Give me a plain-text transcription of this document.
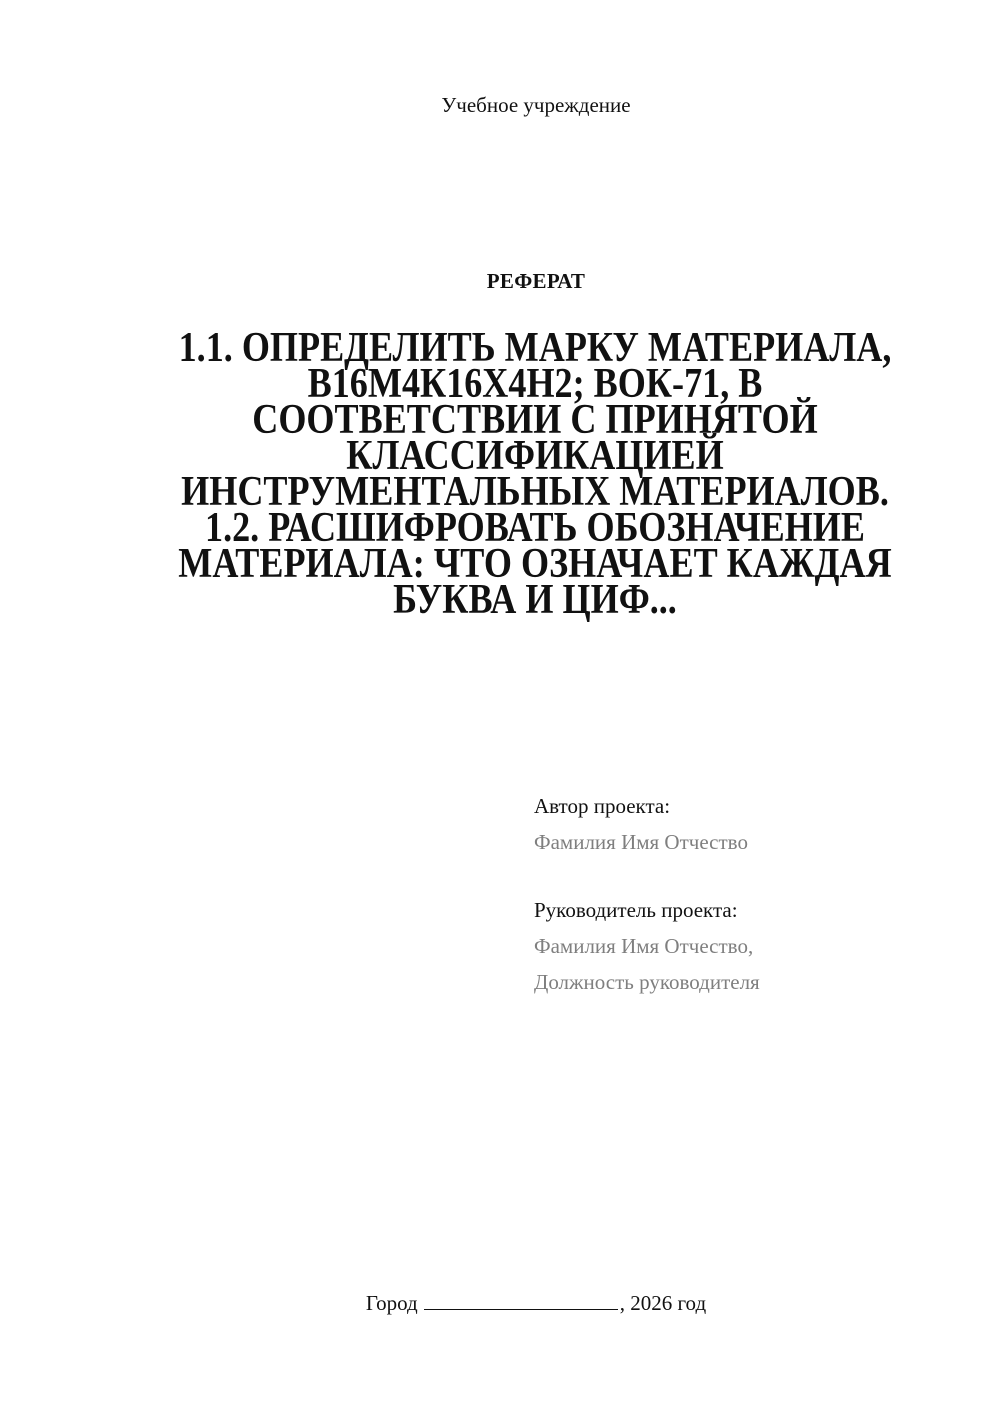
Учебное учреждение
РЕФЕРАТ
1.1. ОПРЕДЕЛИТЬ МАРКУ МАТЕРИАЛА,
В16М4К16Х4Н2; ВОК-71, В
СООТВЕТСТВИИ С ПРИНЯТОЙ
КЛАССИФИКАЦИЕЙ
ИНСТРУМЕНТАЛЬНЫХ МАТЕРИАЛОВ.
1.2. РАСШИФРОВАТЬ ОБОЗНАЧЕНИЕ
МАТЕРИАЛА: ЧТО ОЗНАЧАЕТ КАЖДАЯ
БУКВА И ЦИФ...
Автор проекта:
Фамилия Имя Отчество
Руководитель проекта:
Фамилия Имя Отчество,
Должность руководителя
Город	, 2026 год
